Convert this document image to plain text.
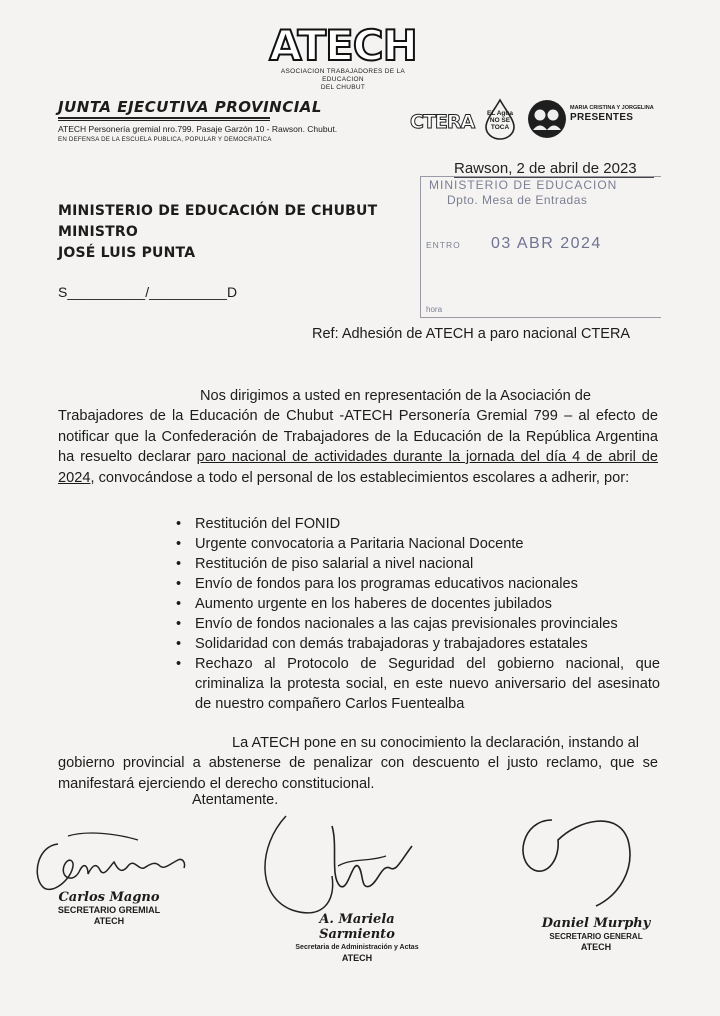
ATECH
ASOCIACION TRABAJADORES DE LA EDUCACION
DEL CHUBUT
JUNTA EJECUTIVA PROVINCIAL
ATECH Personería gremial nro.799. Pasaje Garzón 10 - Rawson. Chubut.
EN DEFENSA DE LA ESCUELA PUBLICA, POPULAR Y DEMOCRATICA
CTERA	EL Agua NO SE TOCA
MARIA CRISTINA Y JORGELINA
PRESENTES
MINISTERIO DE EDUCACION
Dpto. Mesa de Entradas
ENTRO 03 ABR 2024
hora
Rawson, 2 de abril de 2023
MINISTERIO DE EDUCACIÓN DE CHUBUT
MINISTRO
JOSÉ LUIS PUNTA
S__________/__________D
Ref: Adhesión de ATECH a paro nacional CTERA
Nos dirigimos a usted en representación de la Asociación de
Trabajadores de la Educación de Chubut -ATECH Personería Gremial 799 – al efecto de notificar que la Confederación de Trabajadores de la Educación de la República Argentina ha resuelto declarar paro nacional de actividades durante la jornada del día 4 de abril de 2024, convocándose a todo el personal de los establecimientos escolares a adherir, por:
• Restitución del FONID
• Urgente convocatoria a Paritaria Nacional Docente
• Restitución de piso salarial a nivel nacional
• Envío de fondos para los programas educativos nacionales
• Aumento urgente en los haberes de docentes jubilados
• Envío de fondos nacionales a las cajas previsionales provinciales
• Solidaridad con demás trabajadoras y trabajadores estatales
• Rechazo al Protocolo de Seguridad del gobierno nacional, que criminaliza la protesta social, en este nuevo aniversario del asesinato de nuestro compañero Carlos Fuentealba
La ATECH pone en su conocimiento la declaración, instando al
gobierno provincial a abstenerse de penalizar con descuento el justo reclamo, que se manifestará ejerciendo el derecho constitucional.
Atentamente.
Carlos Magno
SECRETARIO GREMIAL
ATECH	A. Mariela Sarmiento
Secretaria de Administración y Actas
ATECH
Daniel Murphy
SECRETARIO GENERAL
ATECH
